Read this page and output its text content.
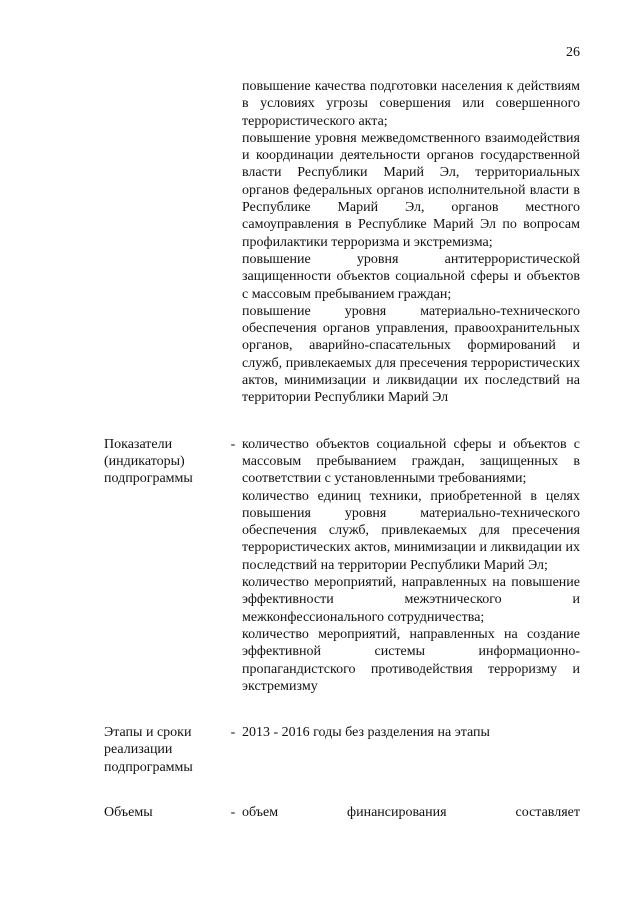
26

повышение качества подготовки населения к действиям в условиях угрозы совершения или совершенного террористического акта;

повышение уровня межведомственного взаимодействия и координации деятельности органов государственной власти Республики Марий Эл, территориальных органов федеральных органов исполнительной власти в Республике Марий Эл, органов местного самоуправления в Республике Марий Эл по вопросам профилактики терроризма и экстремизма;

повышение уровня антитеррористической защищенности объектов социальной сферы и объектов с массовым пребыванием граждан;

повышение уровня материально-технического обеспечения органов управления, правоохранительных органов, аварийно-спасательных формирований и служб, привлекаемых для пресечения террористических актов, минимизации и ликвидации их последствий на территории Республики Марий Эл

Показатели (индикаторы) подпрограммы
- количество объектов социальной сферы и объектов с массовым пребыванием граждан, защищенных в соответствии с установленными требованиями;

количество единиц техники, приобретенной в целях повышения уровня материально-технического обеспечения служб, привлекаемых для пресечения террористических актов, минимизации и ликвидации их последствий на территории Республики Марий Эл;

количество мероприятий, направленных на повышение эффективности межэтнического и межконфессионального сотрудничества;

количество мероприятий, направленных на создание эффективной системы информационно-пропагандистского противодействия терроризму и экстремизму

Этапы и сроки реализации подпрограммы
- 2013 - 2016 годы без разделения на этапы

Объемы	- объем финансирования составляет
